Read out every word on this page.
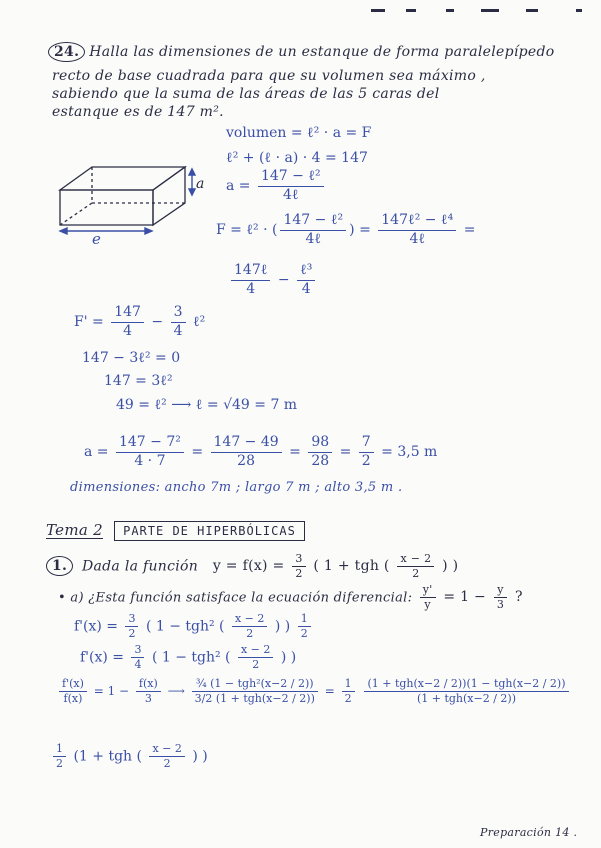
24. Halla las dimensiones de un estanque de forma paralelepípedo
recto de base cuadrada para que su volumen sea máximo ,
sabiendo que la suma de las áreas de las 5 caras del
estanque es de 147 m².
e
a
volumen = ℓ² · a = F
ℓ² + (ℓ · a) · 4 = 147
$a = \frac{\text{147 − ℓ²}}{\text{4ℓ}}$
F = ℓ² · ( $\frac{\text{147 − ℓ²}}{\text{4ℓ}}$ ) = $\frac{\text{147ℓ² − ℓ⁴}}{\text{4ℓ}}$ =
$\frac{\text{147ℓ}}{4} - \frac{\text{ℓ³}}{4}$
$F' = \frac{147}{4} - \frac{3}{4}$ ℓ²
147 − 3ℓ² = 0
147 = 3ℓ²
49 = ℓ² ⟶ ℓ = √49 = 7 m
$a = \frac{\text{147 − 7²}}{4 \cdot 7} = \frac{147 - 49}{28} = \frac{98}{28} = \frac{7}{2} = 3,5$ m
dimensiones: ancho 7m ; largo 7 m ; alto 3,5 m .
Tema 2 PARTE DE HIPERBÓLICAS
1. Dada la función $y = f(x) = \frac{3}{2}$ ( 1 + tgh ( $\frac{x - 2}{2}$ ) )
• a) ¿Esta función satisface la ecuación diferencial: $\frac{y'}{y} = 1 - \frac{y}{3}$ ?
$f'(x) = \frac{3}{2}$ ( 1 − tgh² ( $\frac{x - 2}{2}$ ) ) $\frac{1}{2}$
$f'(x) = \frac{3}{4}$ ( 1 − tgh² ( $\frac{x - 2}{2}$ ) )
$\frac{f'(x)}{f(x)} = 1 - \frac{f(x)}{3}$ ⟶ $\frac{\text{¾ (1 − tgh²(x−2 / 2))}}{\text{3/2 (1 + tgh(x−2 / 2))}} = \frac{1}{2}$
$\frac{\text{(1 + tgh(x−2 / 2))(1 − tgh(x−2 / 2))}}{\text{(1 + tgh(x−2 / 2))}}$
$\frac{1}{2} (1$ + tgh ( $\frac{x - 2}{2}$ ) )
Preparación 14 .
